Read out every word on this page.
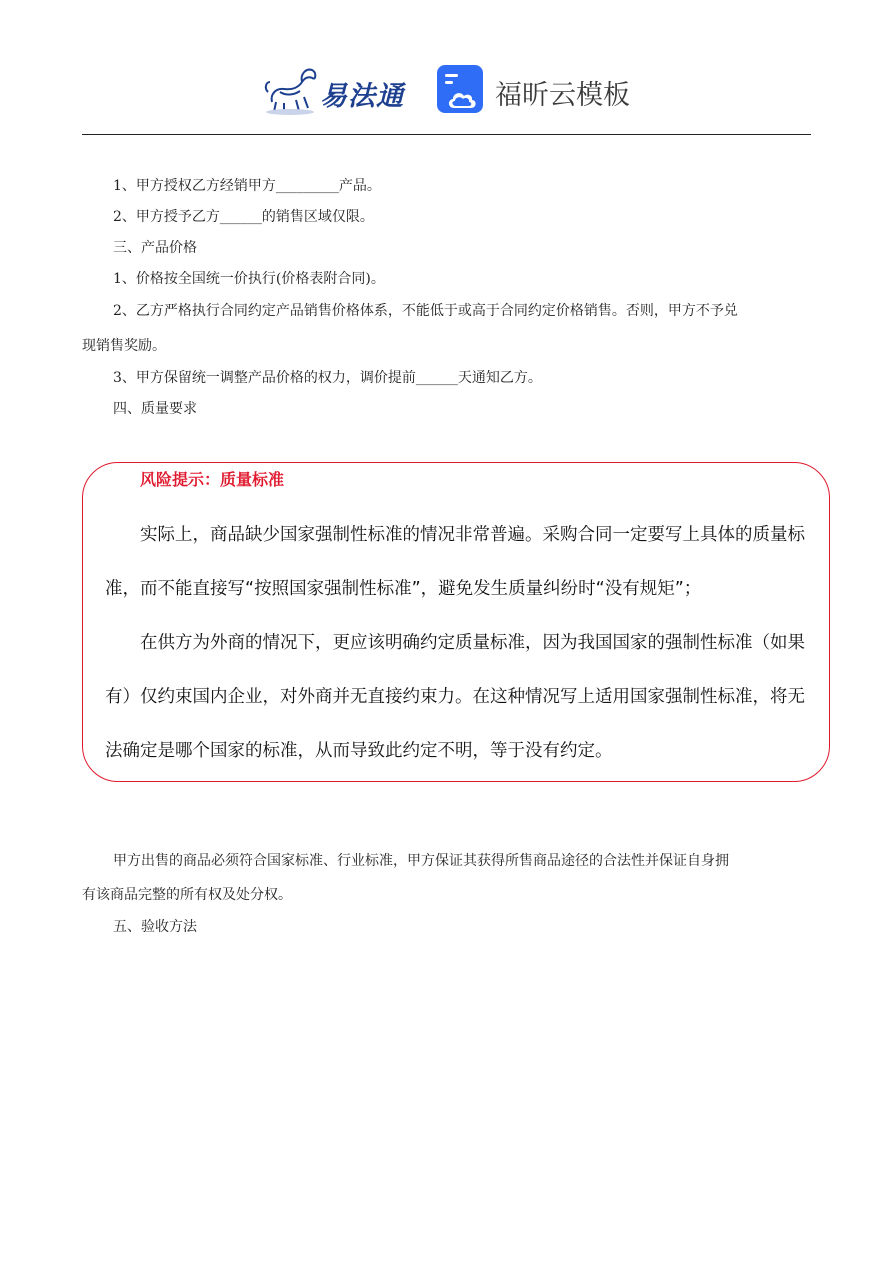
易法通	福昕云模板
1、甲方授权乙方经销甲方_________产品。
2、甲方授予乙方______的销售区域仅限。
三、产品价格
1、价格按全国统一价执行(价格表附合同)。
2、乙方严格执行合同约定产品销售价格体系，不能低于或高于合同约定价格销售。否则，甲方不予兑
现销售奖励。
3、甲方保留统一调整产品价格的权力，调价提前______天通知乙方。
四、质量要求
风险提示：质量标准
实际上，商品缺少国家强制性标准的情况非常普遍。采购合同一定要写上具体的质量标
准，而不能直接写“按照国家强制性标准”，避免发生质量纠纷时“没有规矩”；
在供方为外商的情况下，更应该明确约定质量标准，因为我国国家的强制性标准（如果
有）仅约束国内企业，对外商并无直接约束力。在这种情况写上适用国家强制性标准，将无
法确定是哪个国家的标准，从而导致此约定不明，等于没有约定。
甲方出售的商品必须符合国家标准、行业标准，甲方保证其获得所售商品途径的合法性并保证自身拥
有该商品完整的所有权及处分权。
五、验收方法
